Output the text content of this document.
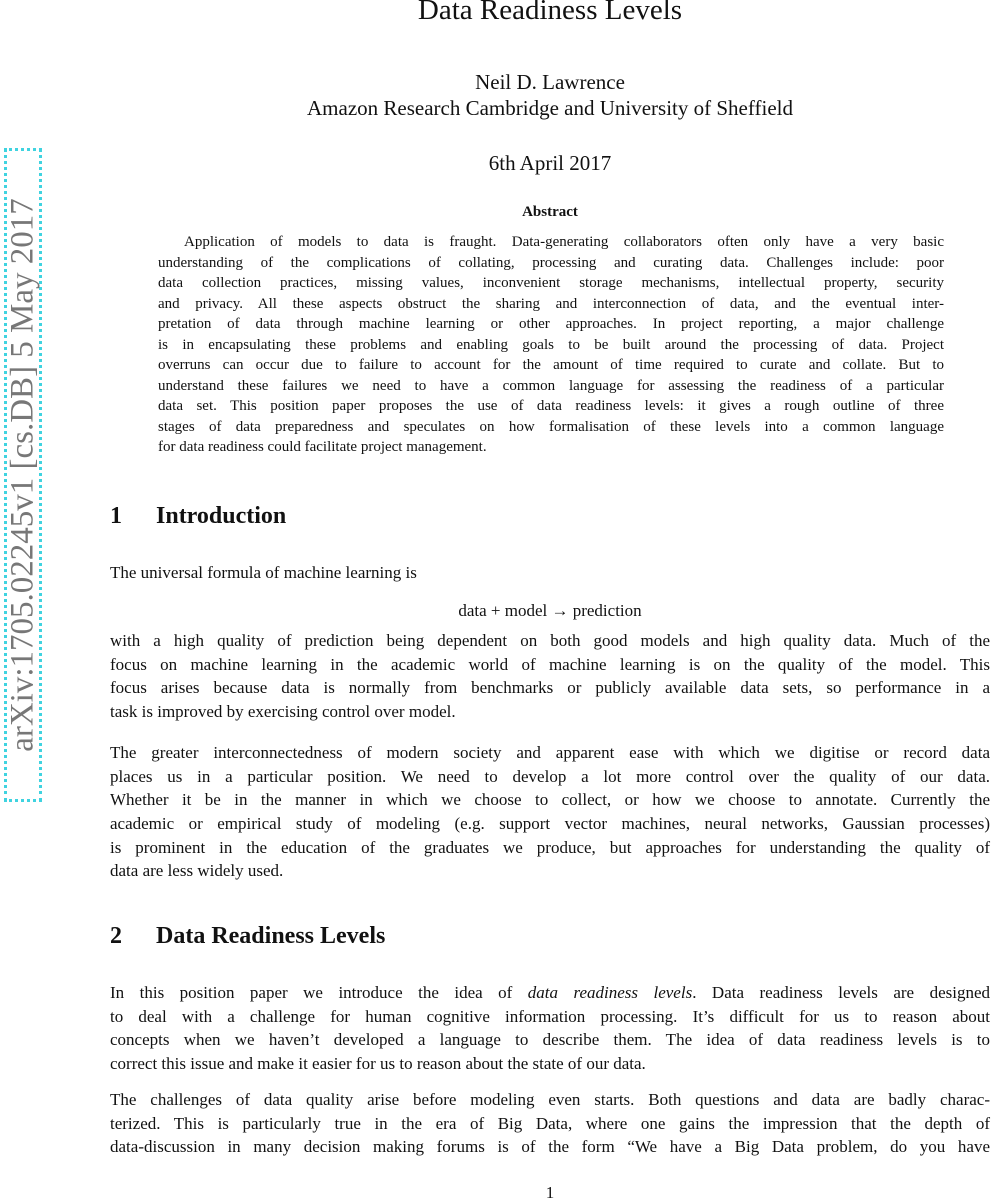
arXiv:1705.02245v1 [cs.DB] 5 May 2017
Data Readiness Levels
Neil D. Lawrence
Amazon Research Cambridge and University of Sheffield
6th April 2017
Abstract
Application of models to data is fraught. Data-generating collaborators often only have a very basic
understanding of the complications of collating, processing and curating data. Challenges include: poor
data collection practices, missing values, inconvenient storage mechanisms, intellectual property, security
and privacy. All these aspects obstruct the sharing and interconnection of data, and the eventual inter-
pretation of data through machine learning or other approaches. In project reporting, a major challenge
is in encapsulating these problems and enabling goals to be built around the processing of data. Project
overruns can occur due to failure to account for the amount of time required to curate and collate. But to
understand these failures we need to have a common language for assessing the readiness of a particular
data set. This position paper proposes the use of data readiness levels: it gives a rough outline of three
stages of data preparedness and speculates on how formalisation of these levels into a common language
for data readiness could facilitate project management.
1 Introduction
The universal formula of machine learning is
data + model → prediction
with a high quality of prediction being dependent on both good models and high quality data. Much of the
focus on machine learning in the academic world of machine learning is on the quality of the model. This
focus arises because data is normally from benchmarks or publicly available data sets, so performance in a
task is improved by exercising control over model.
The greater interconnectedness of modern society and apparent ease with which we digitise or record data
places us in a particular position. We need to develop a lot more control over the quality of our data.
Whether it be in the manner in which we choose to collect, or how we choose to annotate. Currently the
academic or empirical study of modeling (e.g. support vector machines, neural networks, Gaussian processes)
is prominent in the education of the graduates we produce, but approaches for understanding the quality of
data are less widely used.
2 Data Readiness Levels
In this position paper we introduce the idea of data readiness levels. Data readiness levels are designed
to deal with a challenge for human cognitive information processing. It’s difficult for us to reason about
concepts when we haven’t developed a language to describe them. The idea of data readiness levels is to
correct this issue and make it easier for us to reason about the state of our data.
The challenges of data quality arise before modeling even starts. Both questions and data are badly charac-
terized. This is particularly true in the era of Big Data, where one gains the impression that the depth of
data-discussion in many decision making forums is of the form “We have a Big Data problem, do you have
1
